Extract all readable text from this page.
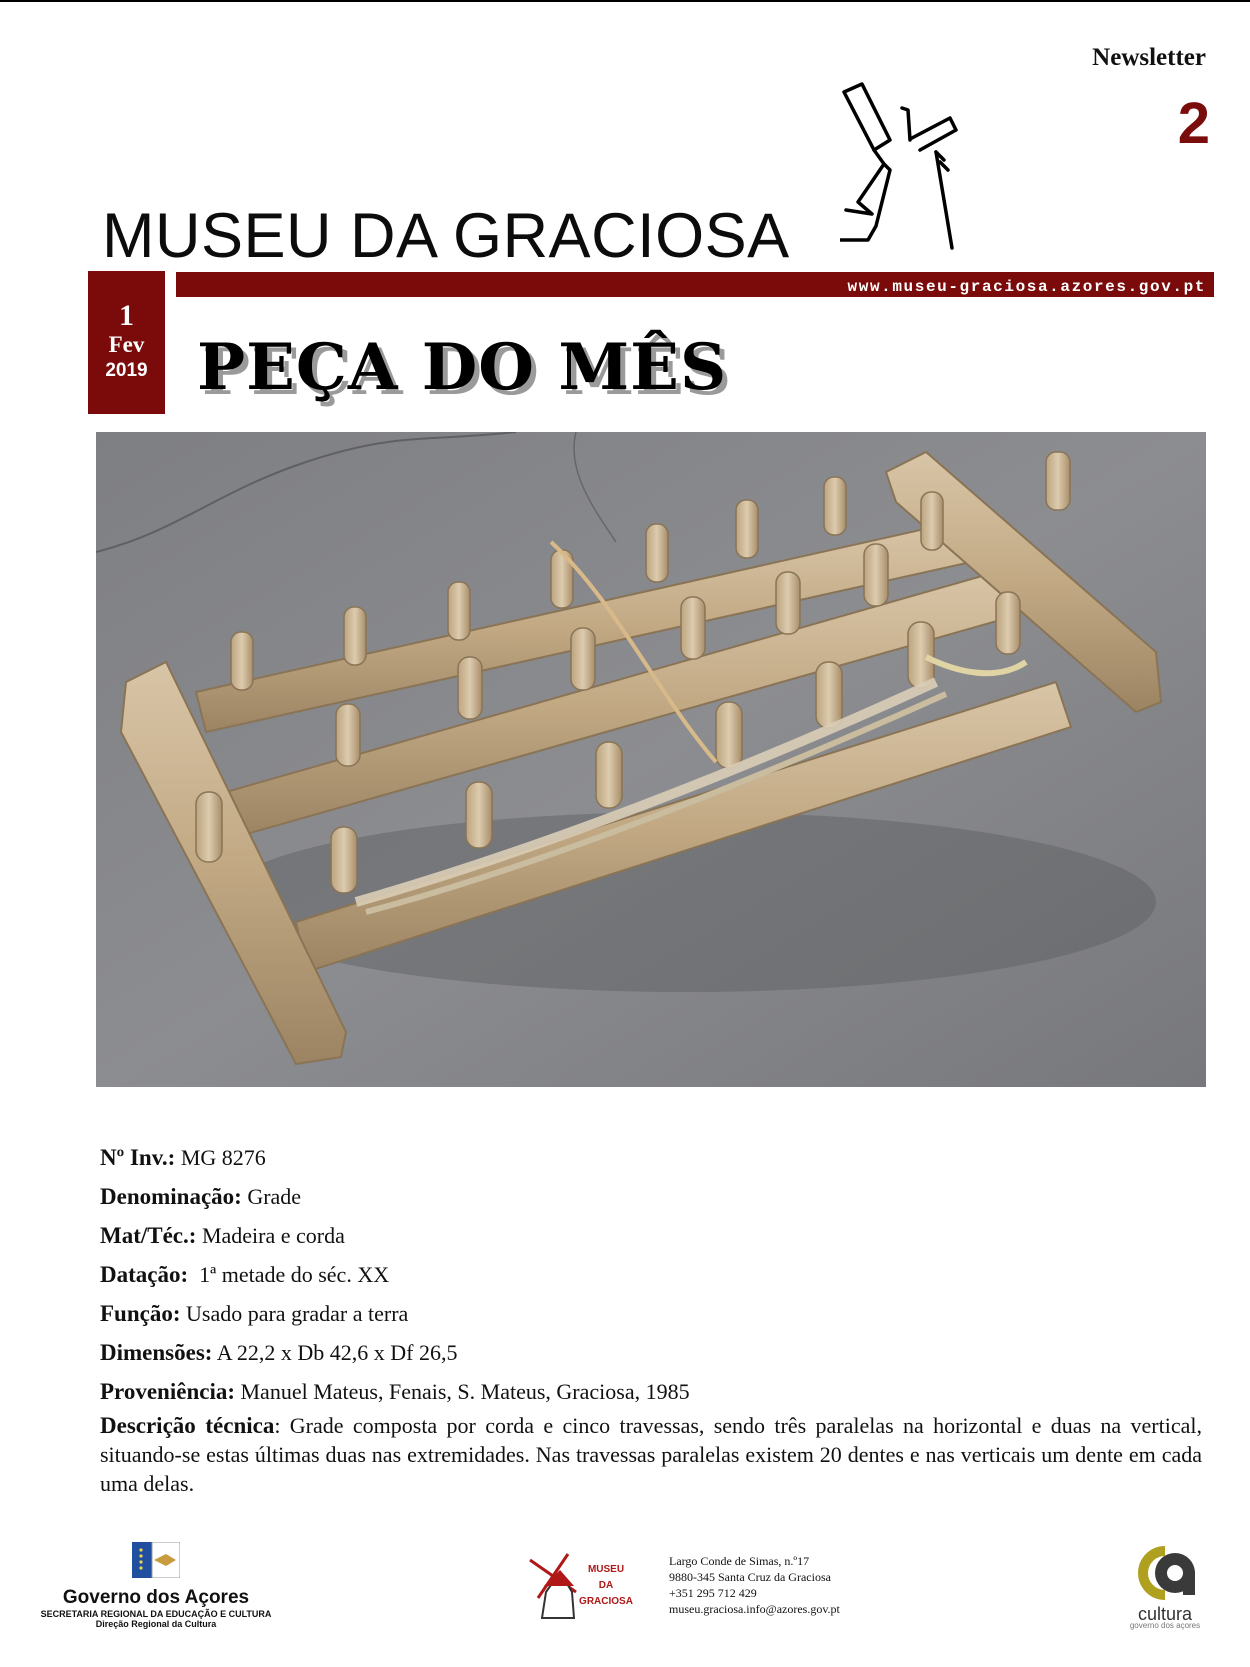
Newsletter
2
MUSEU DA GRACIOSA
www.museu-graciosa.azores.gov.pt
1
Fev
2019 PEÇA DO MÊS
Nº Inv.: MG 8276
Denominação: Grade
Mat/Téc.: Madeira e corda
Datação:  1ª metade do séc. XX
Função: Usado para gradar a terra
Dimensões: A 22,2 x Db 42,6 x Df 26,5
Proveniência: Manuel Mateus, Fenais, S. Mateus, Graciosa, 1985
Descrição técnica: Grade composta por corda e cinco travessas, sendo três paralelas na horizontal e duas na vertical, situando-se estas últimas duas nas extremidades. Nas travessas paralelas existem 20 dentes e nas verticais um dente em cada uma delas.
Governo dos Açores
SECRETARIA REGIONAL DA EDUCAÇÃO E CULTURA
Direção Regional da Cultura
MUSEU
DA
GRACIOSA
Largo Conde de Simas, n.º17
9880-345 Santa Cruz da Graciosa
+351 295 712 429
museu.graciosa.info@azores.gov.pt	cultura
governo dos açores
